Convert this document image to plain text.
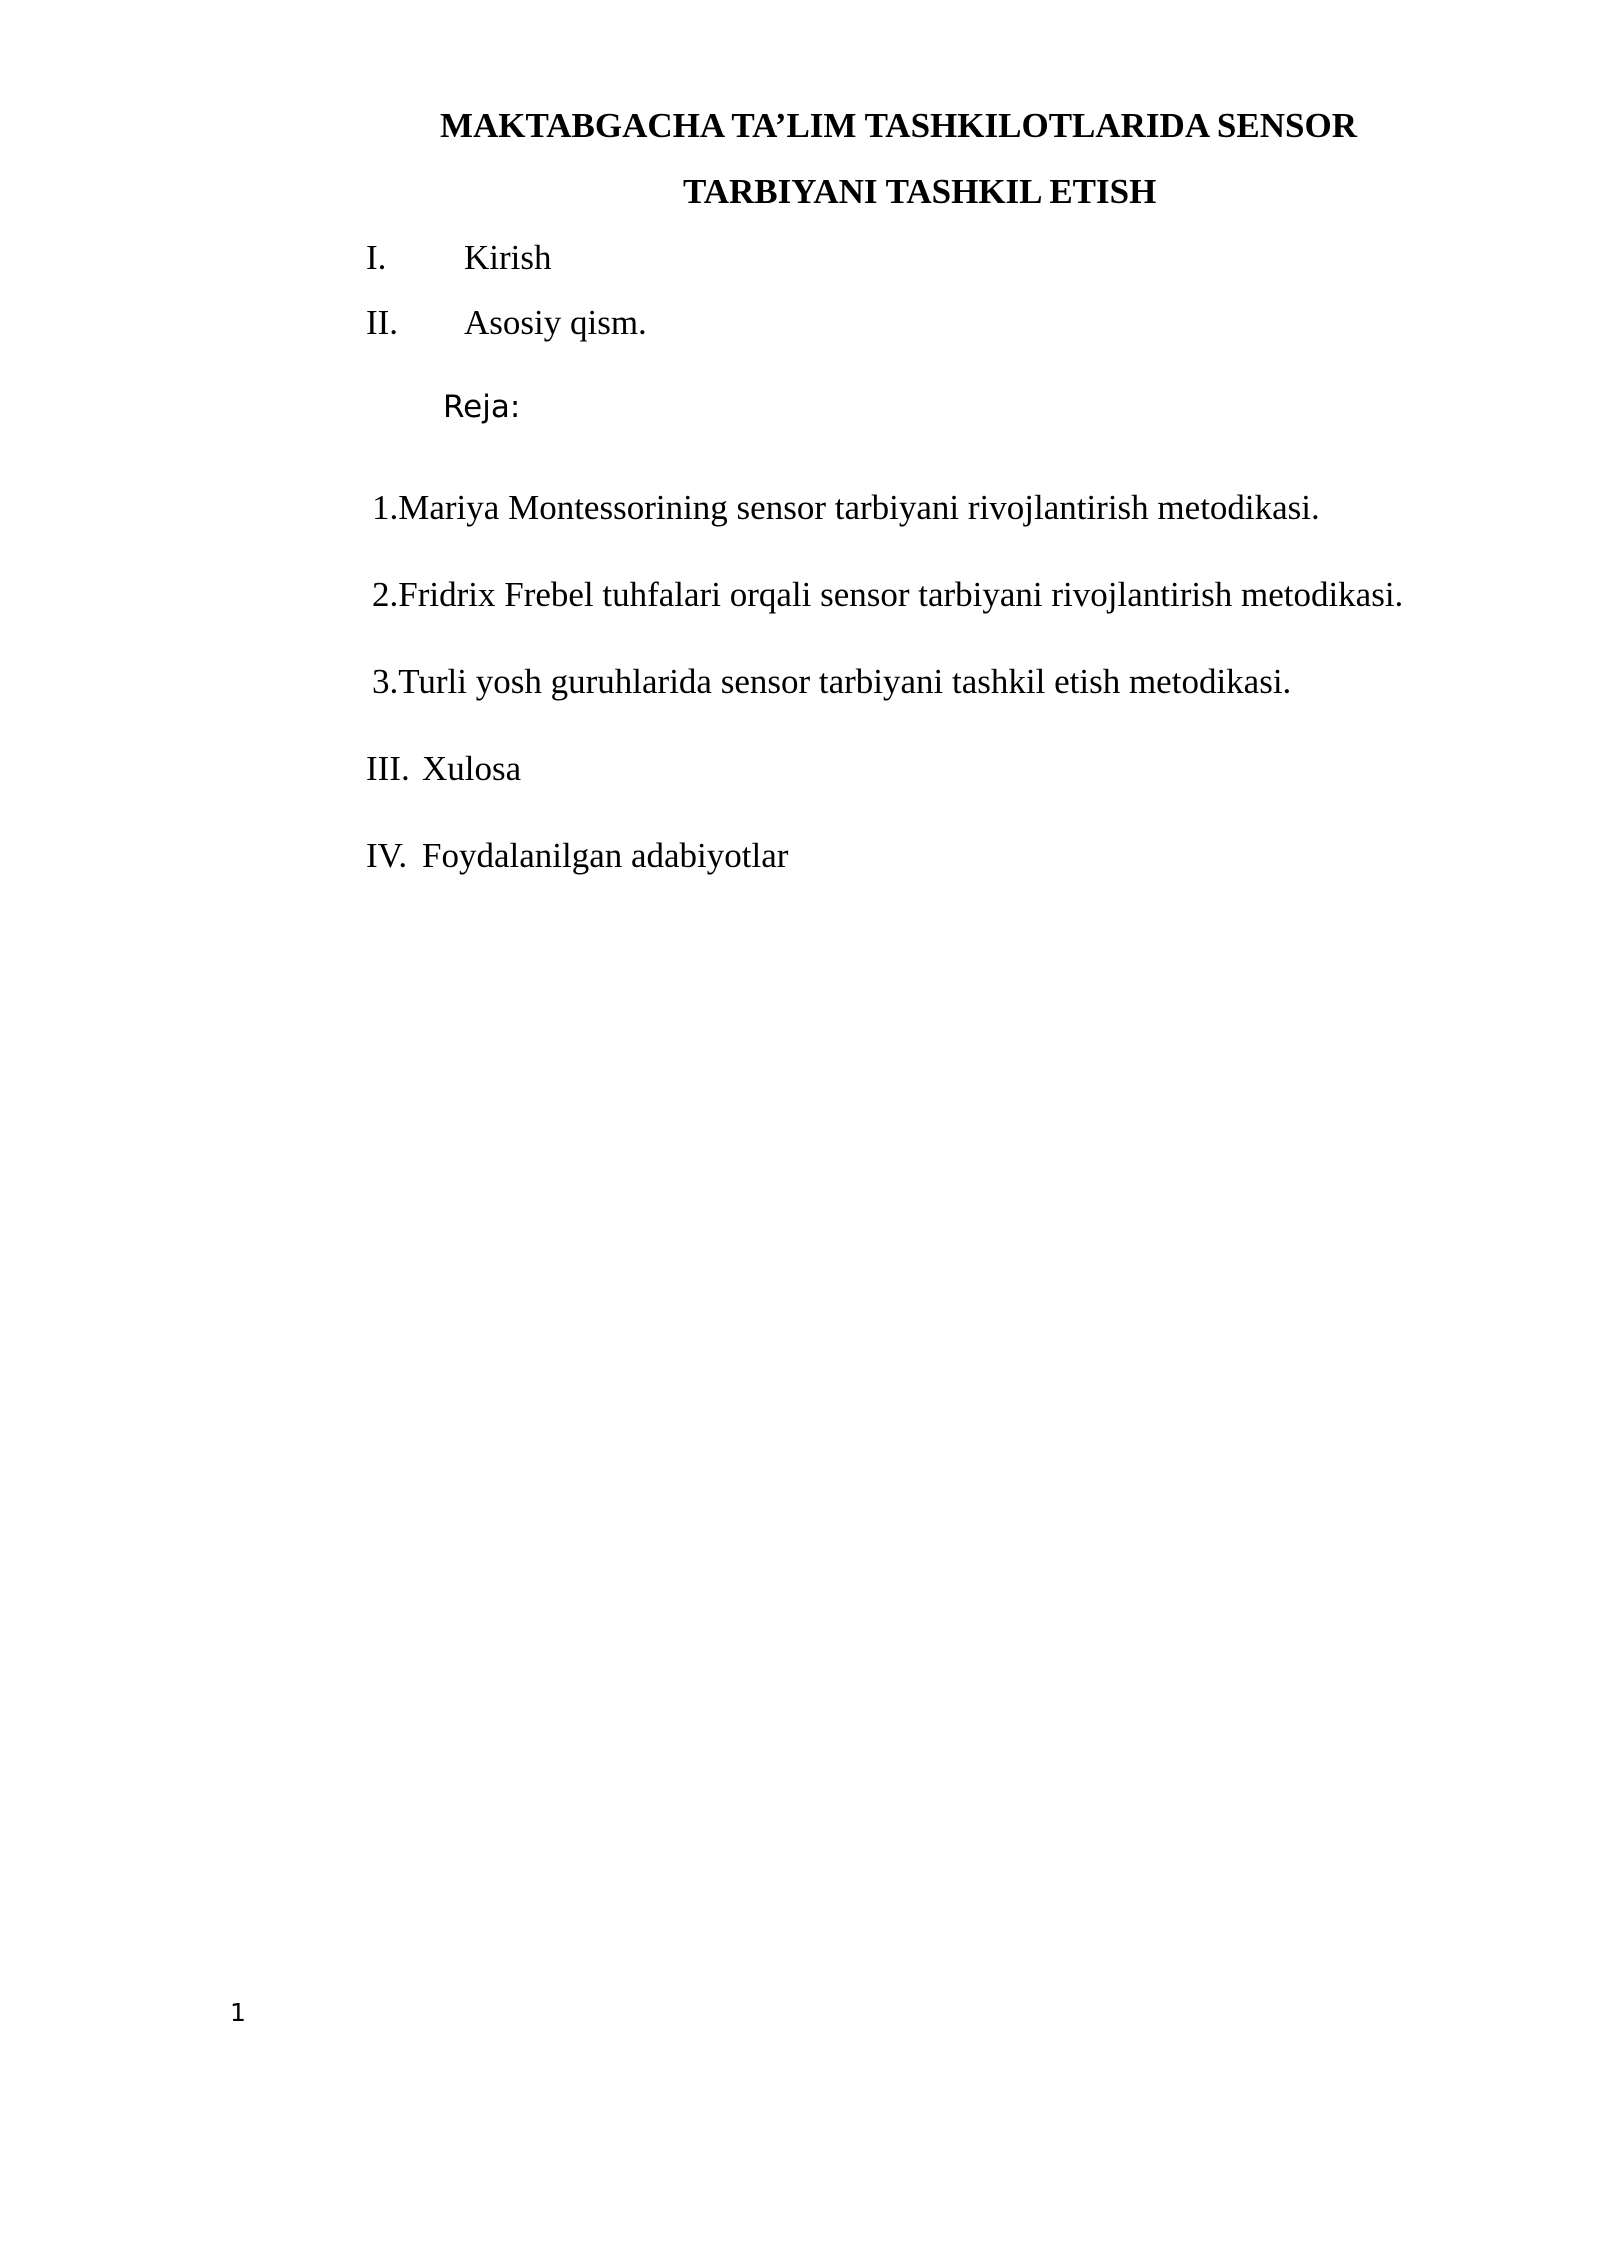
MAKTABGACHA TA’LIM TASHKILOTLARIDA SENSOR
TARBIYANI TASHKIL ETISH
I. Kirish
II. Asosiy qism.
Reja:
1.Mariya Montessorining sensor tarbiyani rivojlantirish metodikasi.
2.Fridrix Frebel tuhfalari orqali sensor tarbiyani rivojlantirish metodikasi.
3.Turli yosh guruhlarida sensor tarbiyani tashkil etish metodikasi.
III. Xulosa
IV. Foydalanilgan adabiyotlar
1
